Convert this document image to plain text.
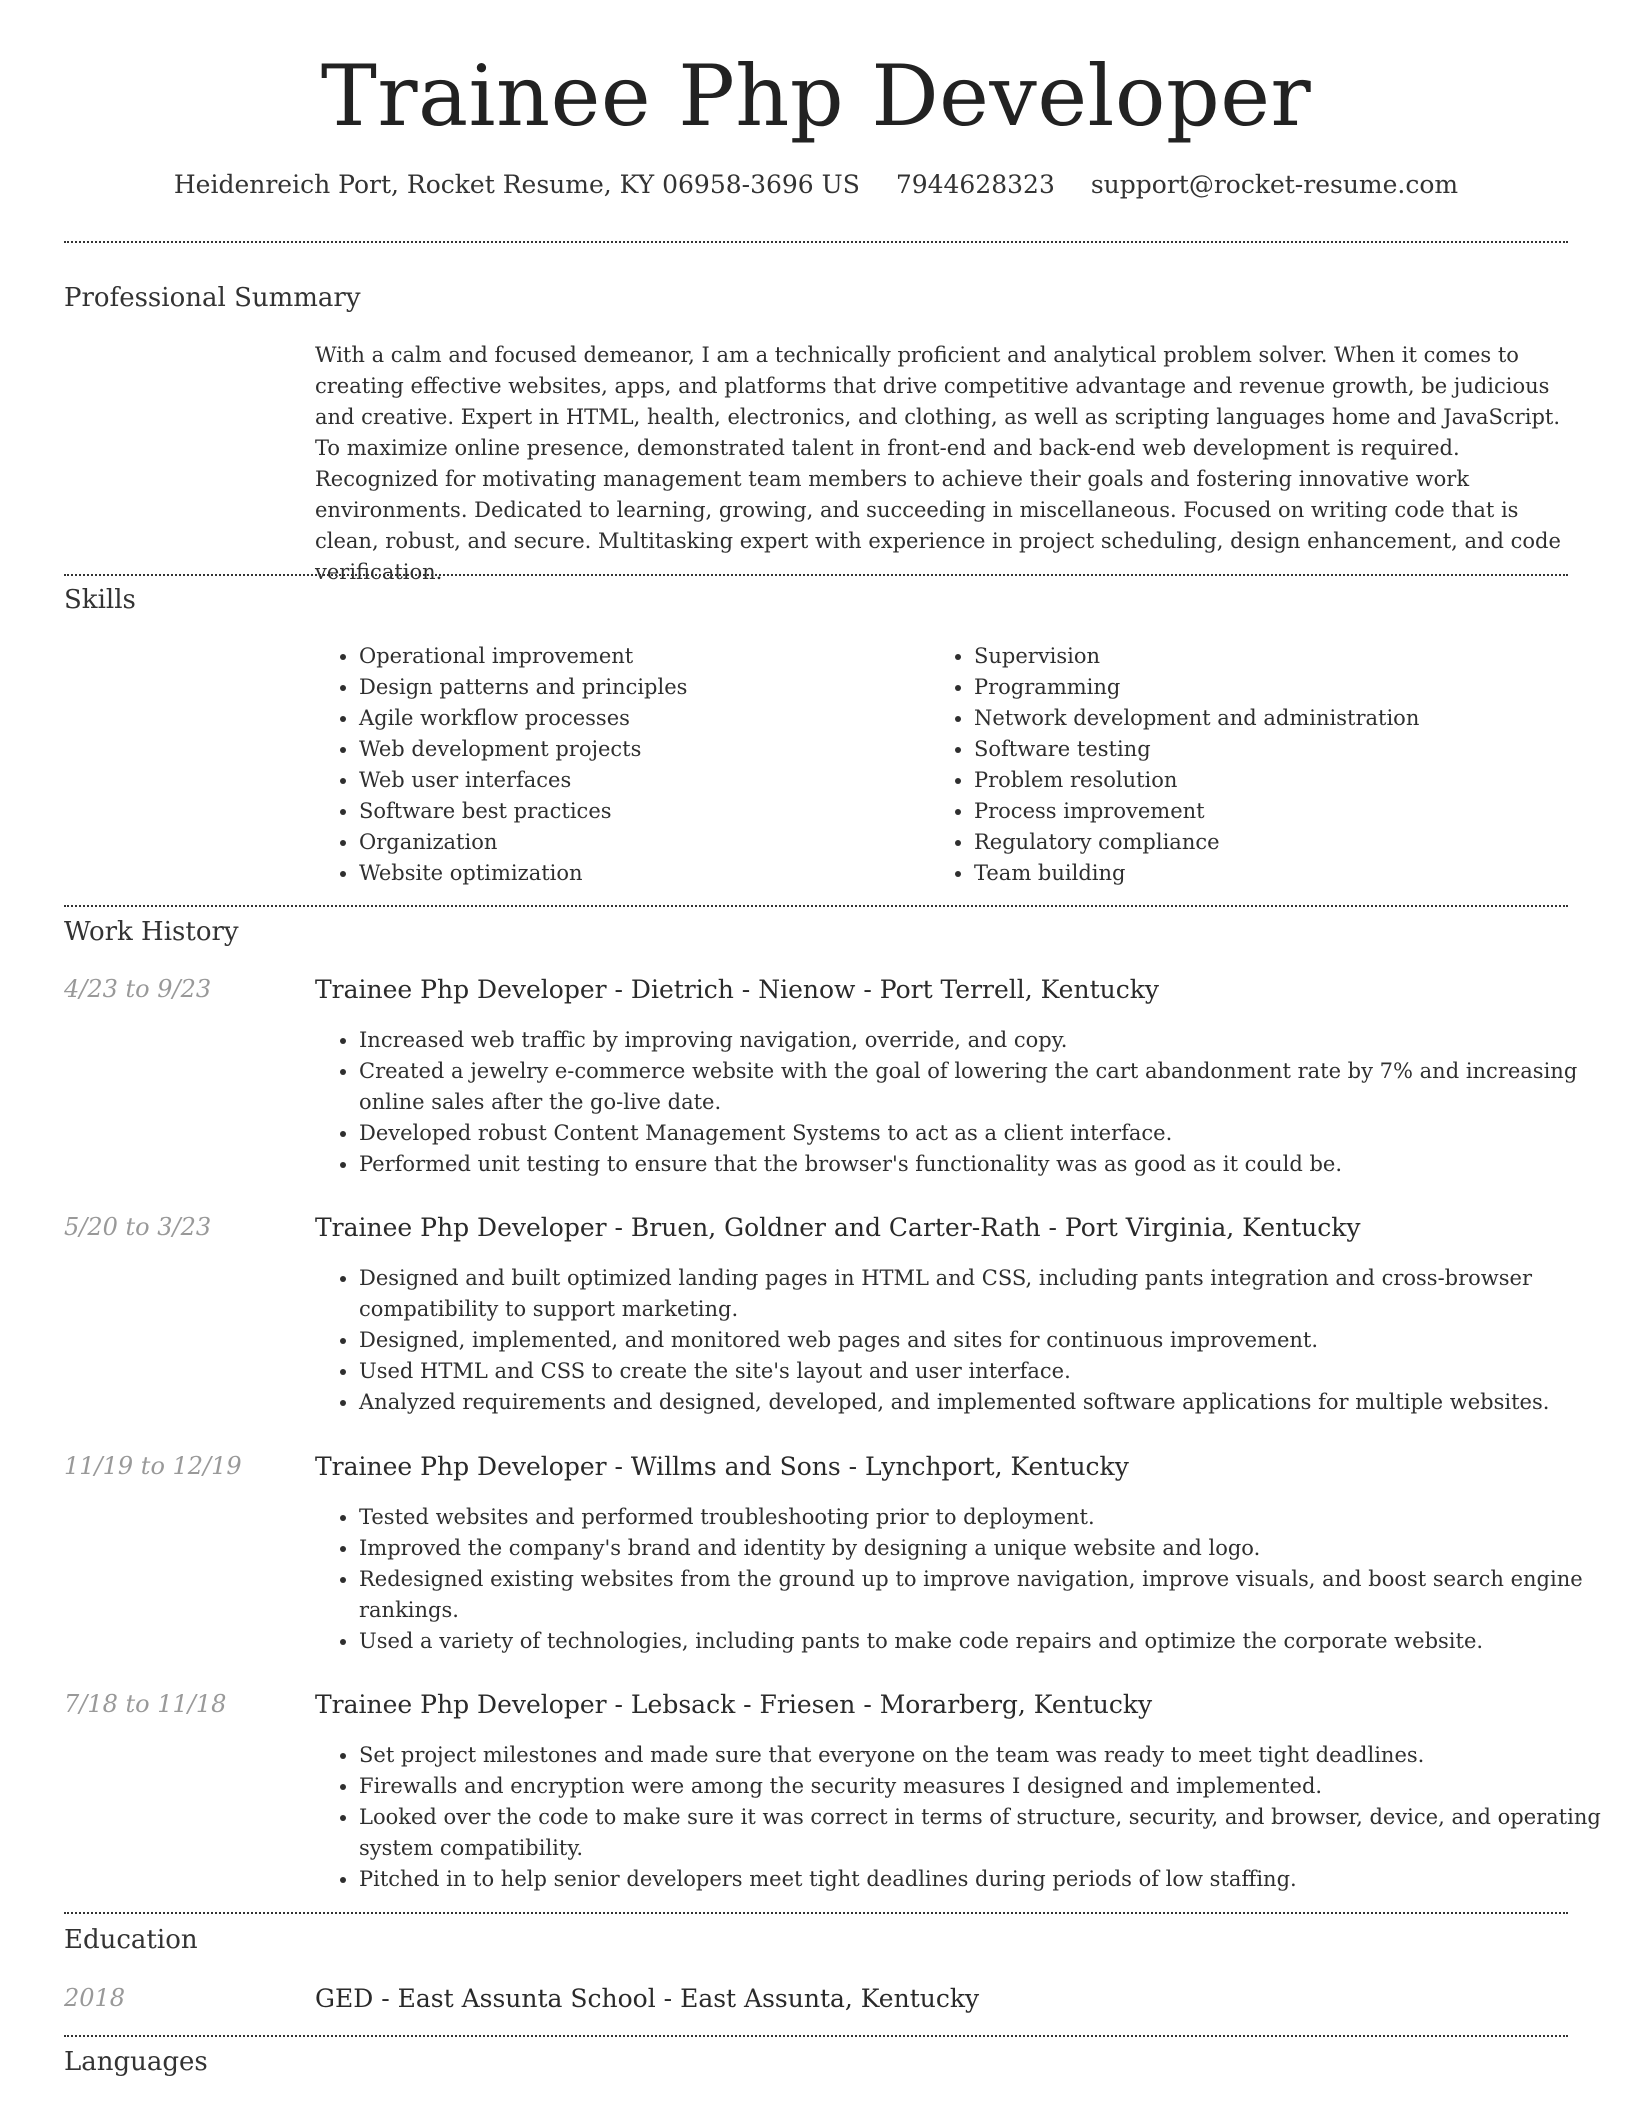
Trainee Php Developer
Heidenreich Port, Rocket Resume, KY 06958-3696 US 7944628323 support@rocket-resume.com
Professional Summary

With a calm and focused demeanor, I am a technically proficient and analytical problem solver. When it comes to creating effective websites, apps, and platforms that drive competitive advantage and revenue growth, be judicious and creative. Expert in HTML, health, electronics, and clothing, as well as scripting languages home and JavaScript. To maximize online presence, demonstrated talent in front-end and back-end web development is required. Recognized for motivating management team members to achieve their goals and fostering innovative work environments. Dedicated to learning, growing, and succeeding in miscellaneous. Focused on writing code that is clean, robust, and secure. Multitasking expert with experience in project scheduling, design enhancement, and code verification.

Skills
• Operational improvement
• Design patterns and principles
• Agile workflow processes
• Web development projects
• Web user interfaces
• Software best practices
• Organization
• Website optimization
• Supervision
• Programming
• Network development and administration
• Software testing
• Problem resolution
• Process improvement
• Regulatory compliance
• Team building
Work History
4/23 to 9/23	Trainee Php Developer - Dietrich - Nienow - Port Terrell, Kentucky
• Increased web traffic by improving navigation, override, and copy.
• Created a jewelry e-commerce website with the goal of lowering the cart abandonment rate by 7% and increasing online sales after the go-live date.
• Developed robust Content Management Systems to act as a client interface.
• Performed unit testing to ensure that the browser's functionality was as good as it could be.
5/20 to 3/23	Trainee Php Developer - Bruen, Goldner and Carter-Rath - Port Virginia, Kentucky
• Designed and built optimized landing pages in HTML and CSS, including pants integration and cross-browser compatibility to support marketing.
• Designed, implemented, and monitored web pages and sites for continuous improvement.
• Used HTML and CSS to create the site's layout and user interface.
• Analyzed requirements and designed, developed, and implemented software applications for multiple websites.
11/19 to 12/19	Trainee Php Developer - Willms and Sons - Lynchport, Kentucky
• Tested websites and performed troubleshooting prior to deployment.
• Improved the company's brand and identity by designing a unique website and logo.
• Redesigned existing websites from the ground up to improve navigation, improve visuals, and boost search engine rankings.
• Used a variety of technologies, including pants to make code repairs and optimize the corporate website.
7/18 to 11/18	Trainee Php Developer - Lebsack - Friesen - Morarberg, Kentucky
• Set project milestones and made sure that everyone on the team was ready to meet tight deadlines.
• Firewalls and encryption were among the security measures I designed and implemented.
• Looked over the code to make sure it was correct in terms of structure, security, and browser, device, and operating system compatibility.
• Pitched in to help senior developers meet tight deadlines during periods of low staffing.
Education
2018	GED - East Assunta School - East Assunta, Kentucky
Languages
